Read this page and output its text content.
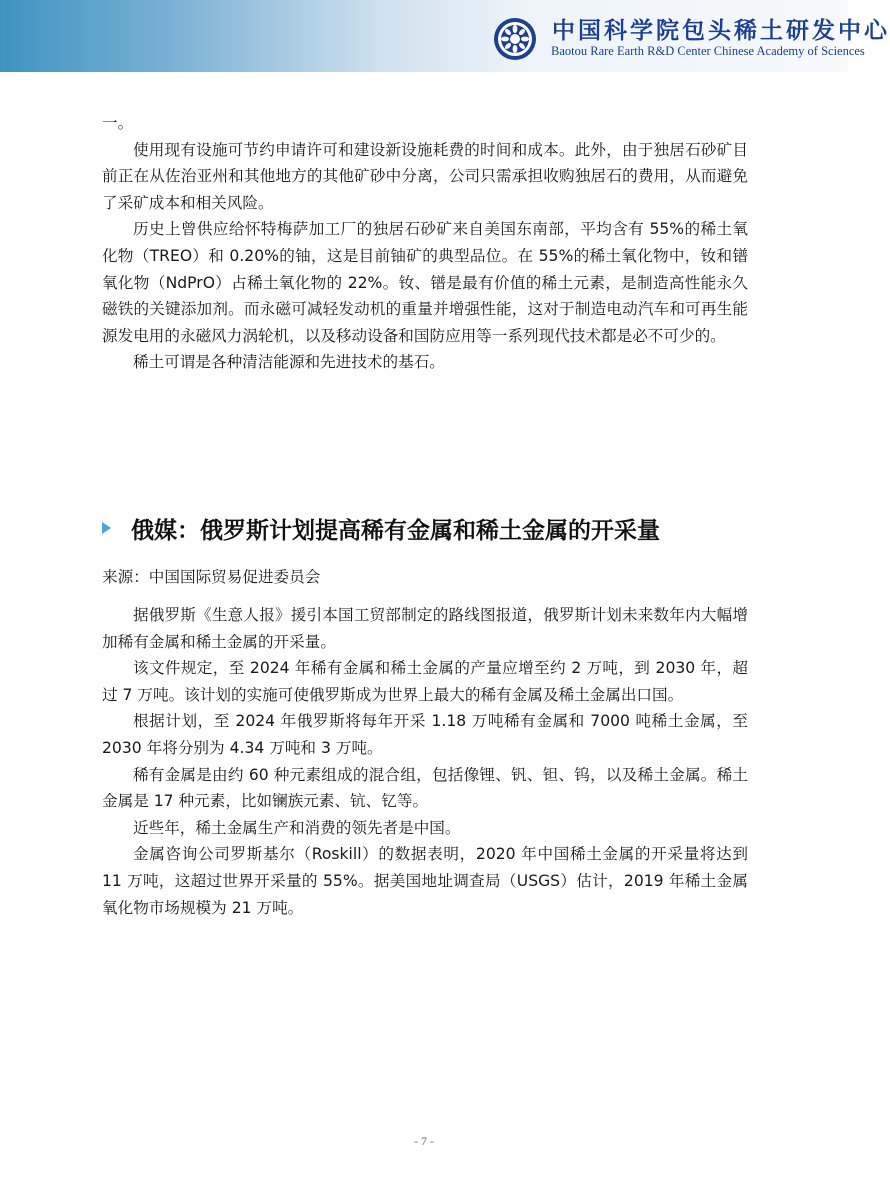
中国科学院包头稀土研发中心
Baotou Rare Earth R&D Center Chinese Academy of Sciences

一。

使用现有设施可节约申请许可和建设新设施耗费的时间和成本。此外，由于独居石砂矿目前正在从佐治亚州和其他地方的其他矿砂中分离，公司只需承担收购独居石的费用，从而避免了采矿成本和相关风险。

历史上曾供应给怀特梅萨加工厂的独居石砂矿来自美国东南部，平均含有 55%的稀土氧化物（TREO）和 0.20%的铀，这是目前铀矿的典型品位。在 55%的稀土氧化物中，钕和镨氧化物（NdPrO）占稀土氧化物的 22%。钕、镨是最有价值的稀土元素，是制造高性能永久磁铁的关键添加剂。而永磁可减轻发动机的重量并增强性能，这对于制造电动汽车和可再生能源发电用的永磁风力涡轮机，以及移动设备和国防应用等一系列现代技术都是必不可少的。

稀土可谓是各种清洁能源和先进技术的基石。

俄媒：俄罗斯计划提高稀有金属和稀土金属的开采量
来源：中国国际贸易促进委员会

据俄罗斯《生意人报》援引本国工贸部制定的路线图报道，俄罗斯计划未来数年内大幅增加稀有金属和稀土金属的开采量。

该文件规定，至 2024 年稀有金属和稀土金属的产量应增至约 2 万吨，到 2030 年，超过 7 万吨。该计划的实施可使俄罗斯成为世界上最大的稀有金属及稀土金属出口国。

根据计划，至 2024 年俄罗斯将每年开采 1.18 万吨稀有金属和 7000 吨稀土金属，至 2030 年将分别为 4.34 万吨和 3 万吨。

稀有金属是由约 60 种元素组成的混合组，包括像锂、钒、钽、钨，以及稀土金属。稀土金属是 17 种元素，比如镧族元素、钪、钇等。

近些年，稀土金属生产和消费的领先者是中国。

金属咨询公司罗斯基尔（Roskill）的数据表明，2020 年中国稀土金属的开采量将达到 11 万吨，这超过世界开采量的 55%。据美国地址调查局（USGS）估计，2019 年稀土金属氧化物市场规模为 21 万吨。

- 7 -
